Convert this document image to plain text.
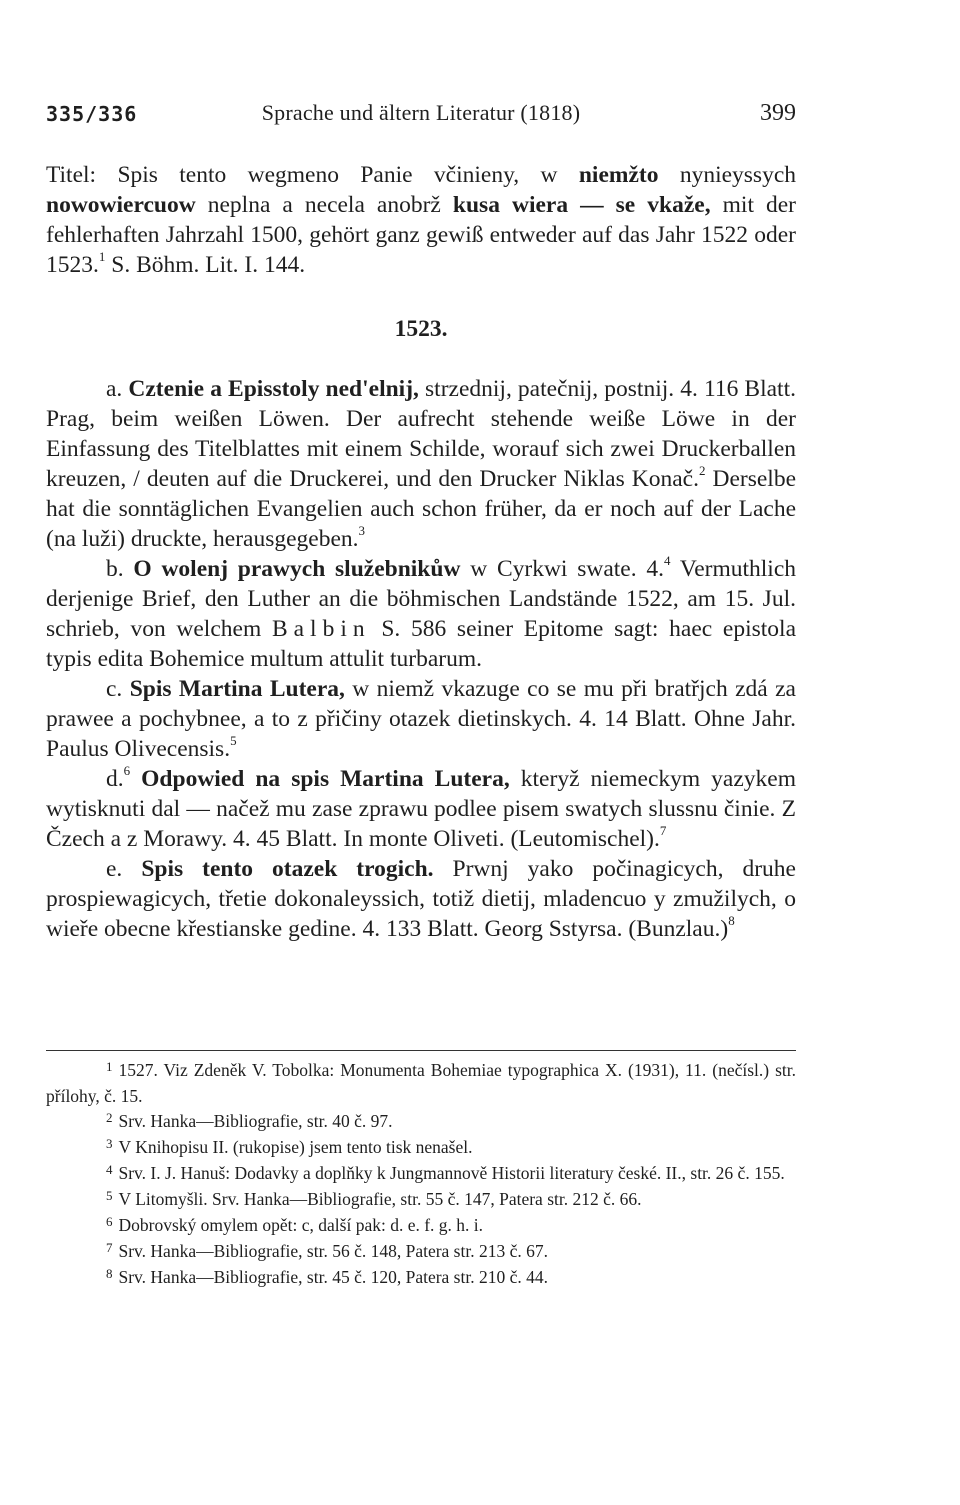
335/336	Sprache und ältern Literatur (1818)	399

Titel: Spis tento wegmeno Panie včinieny, w niemžto nynieyssych nowowiercuow neplna a necela anobrž kusa wiera — se vkaže, mit der fehlerhaften Jahrzahl 1500, gehört ganz gewiß entweder auf das Jahr 1522 oder 1523.$^1$ S. Böhm. Lit. I. 144.

1523.

a. Cztenie a Episstoly ned'elnij, strzednij, patečnij, postnij. 4. 116 Blatt. Prag, beim weißen Löwen. Der aufrecht stehende weiße Löwe in der Einfassung des Titelblattes mit einem Schilde, worauf sich zwei Druckerballen kreuzen, / deuten auf die Druckerei, und den Drucker Niklas Konač.$^2$ Derselbe hat die sonntäglichen Evangelien auch schon früher, da er noch auf der Lache (na luži) druckte, herausgegeben.$^3$

b. O wolenj prawych služebnikůw w Cyrkwi swate. 4.$^4$ Vermuthlich derjenige Brief, den Luther an die böhmischen Landstände 1522, am 15. Jul. schrieb, von welchem Balbin S. 586 seiner Epitome sagt: haec epistola typis edita Bohemice multum attulit turbarum.

c. Spis Martina Lutera, w niemž vkazuge co se mu při bratřjch zdá za prawee a pochybnee, a to z přičiny otazek dietinskych. 4. 14 Blatt. Ohne Jahr. Paulus Olivecensis.$^5$

d.$^6$ Odpowied na spis Martina Lutera, kteryž niemeckym yazykem wytisknuti dal — načež mu zase zprawu podlee pisem swatych slussnu činie. Z Čzech a z Morawy. 4. 45 Blatt. In monte Oliveti. (Leutomischel).$^7$

e. Spis tento otazek trogich. Prwnj yako počinagicych, druhe prospiewagicych, třetie dokonaleyssich, totiž dietij, mladencuo y zmužilych, o wieře obecne křestianske gedine. 4. 133 Blatt. Georg Sstyrsa. (Bunzlau.)$^8$

$^1$ 1527. Viz Zdeněk V. Tobolka: Monumenta Bohemiae typographica X. (1931), 11. (nečísl.) str. přílohy, č. 15.

$^2$ Srv. Hanka—Bibliografie, str. 40 č. 97.

$^3$ V Knihopisu II. (rukopise) jsem tento tisk nenašel.

$^4$ Srv. I. J. Hanuš: Dodavky a doplňky k Jungmannově Historii literatury české. II., str. 26 č. 155.

$^5$ V Litomyšli. Srv. Hanka—Bibliografie, str. 55 č. 147, Patera str. 212 č. 66.

$^6$ Dobrovský omylem opět: c, další pak: d. e. f. g. h. i.

$^7$ Srv. Hanka—Bibliografie, str. 56 č. 148, Patera str. 213 č. 67.

$^8$ Srv. Hanka—Bibliografie, str. 45 č. 120, Patera str. 210 č. 44.
